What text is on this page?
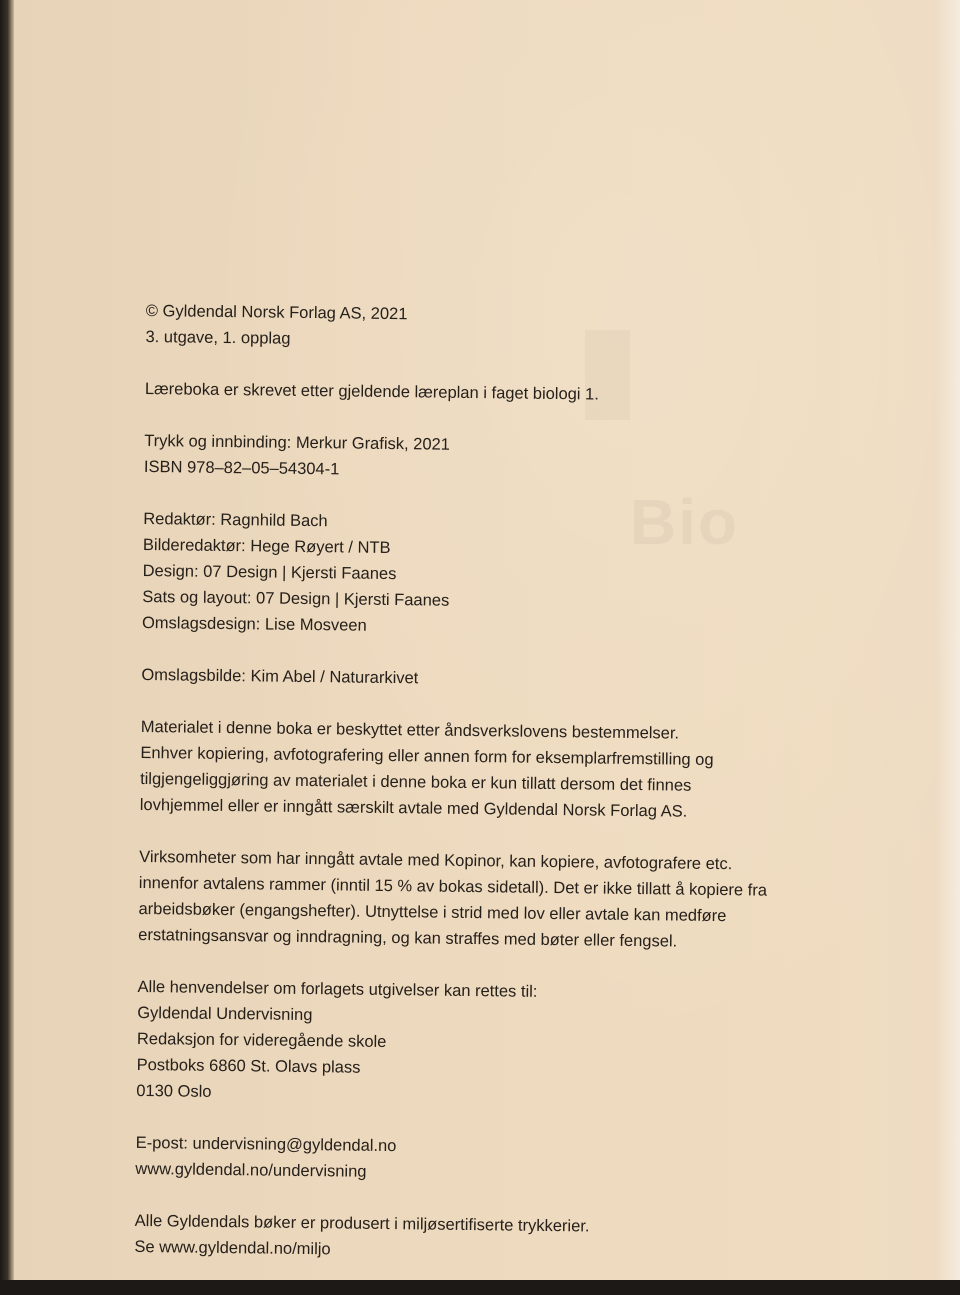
Bio
© Gyldendal Norsk Forlag AS, 2021
3. utgave, 1. opplag
Læreboka er skrevet etter gjeldende læreplan i faget biologi 1.
Trykk og innbinding: Merkur Grafisk, 2021
ISBN 978–82–05–54304-1
Redaktør: Ragnhild Bach
Bilderedaktør: Hege Røyert / NTB
Design: 07 Design | Kjersti Faanes
Sats og layout: 07 Design | Kjersti Faanes
Omslagsdesign: Lise Mosveen
Omslagsbilde: Kim Abel / Naturarkivet
Materialet i denne boka er beskyttet etter åndsverkslovens bestemmelser.
Enhver kopiering, avfotografering eller annen form for eksemplarfremstilling og
tilgjengeliggjøring av materialet i denne boka er kun tillatt dersom det finnes
lovhjemmel eller er inngått særskilt avtale med Gyldendal Norsk Forlag AS.
Virksomheter som har inngått avtale med Kopinor, kan kopiere, avfotografere etc.
innenfor avtalens rammer (inntil 15 % av bokas sidetall). Det er ikke tillatt å kopiere fra
arbeidsbøker (engangshefter). Utnyttelse i strid med lov eller avtale kan medføre
erstatningsansvar og inndragning, og kan straffes med bøter eller fengsel.
Alle henvendelser om forlagets utgivelser kan rettes til:
Gyldendal Undervisning
Redaksjon for videregående skole
Postboks 6860 St. Olavs plass
0130 Oslo
E-post: undervisning@gyldendal.no
www.gyldendal.no/undervisning
Alle Gyldendals bøker er produsert i miljøsertifiserte trykkerier.
Se www.gyldendal.no/miljo
